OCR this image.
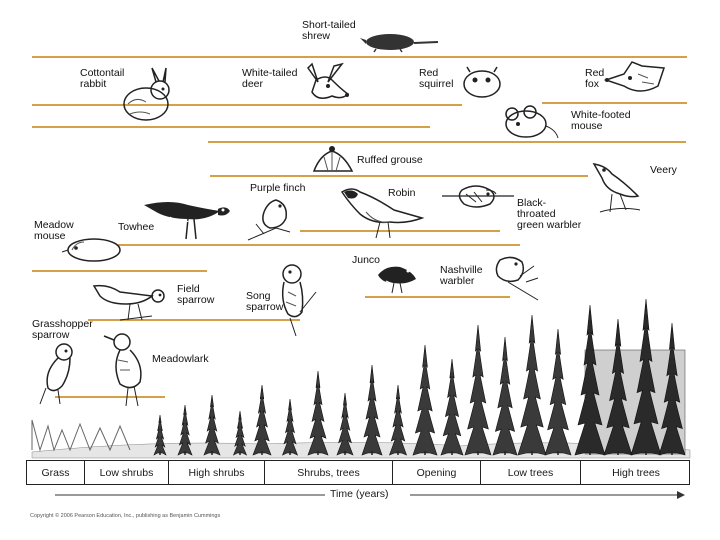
Short-tailed
shrew
Cottontail
rabbit
White-tailed
deer
Red
squirrel
Red
fox
White-footed
mouse
Ruffed grouse
Veery
Purple finch	Robin
Black-
throated
green warbler
Meadow
mouse
Towhee
Junco
Nashville
warbler
Field
sparrow	Song
sparrow
Grasshopper
sparrow
Meadowlark
Grass	Low shrubs	High shrubs	Shrubs, trees	Opening	Low trees	High trees
Time (years)
Copyright © 2006 Pearson Education, Inc., publishing as Benjamin Cummings
